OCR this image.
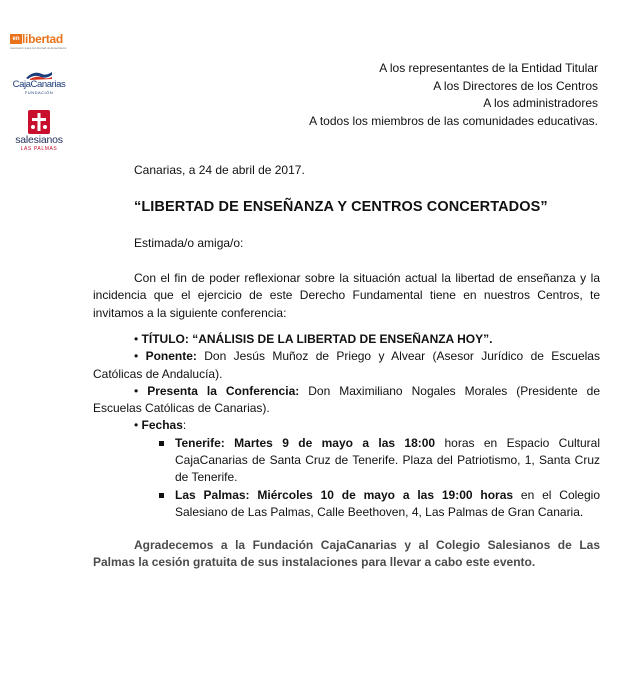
en libertad
Asociación para la Libertad de Enseñanza
CajaCanarias
FUNDACIÓN
salesianos
LAS PALMAS
A los representantes de la Entidad Titular
A los Directores de los Centros
A los administradores
A todos los miembros de las comunidades educativas.
Canarias, a 24 de abril de 2017.
“LIBERTAD DE ENSEÑANZA Y CENTROS CONCERTADOS”
Estimada/o amiga/o:
Con el fin de poder reflexionar sobre la situación actual la libertad de enseñanza y la incidencia que el ejercicio de este Derecho Fundamental tiene en nuestros Centros, te invitamos a la siguiente conferencia:

• TÍTULO: “ANÁLISIS DE LA LIBERTAD DE ENSEÑANZA HOY”.

• Ponente: Don Jesús Muñoz de Priego y Alvear (Asesor Jurídico de Escuelas Católicas de Andalucía).

• Presenta la Conferencia: Don Maximiliano Nogales Morales (Presidente de Escuelas Católicas de Canarias).

• Fechas:

Tenerife: Martes 9 de mayo a las 18:00 horas en Espacio Cultural CajaCanarias de Santa Cruz de Tenerife. Plaza del Patriotismo, 1, Santa Cruz de Tenerife.
Las Palmas: Miércoles 10 de mayo a las 19:00 horas en el Colegio Salesiano de Las Palmas, Calle Beethoven, 4, Las Palmas de Gran Canaria.
Agradecemos a la Fundación CajaCanarias y al Colegio Salesianos de Las Palmas la cesión gratuita de sus instalaciones para llevar a cabo este evento.
